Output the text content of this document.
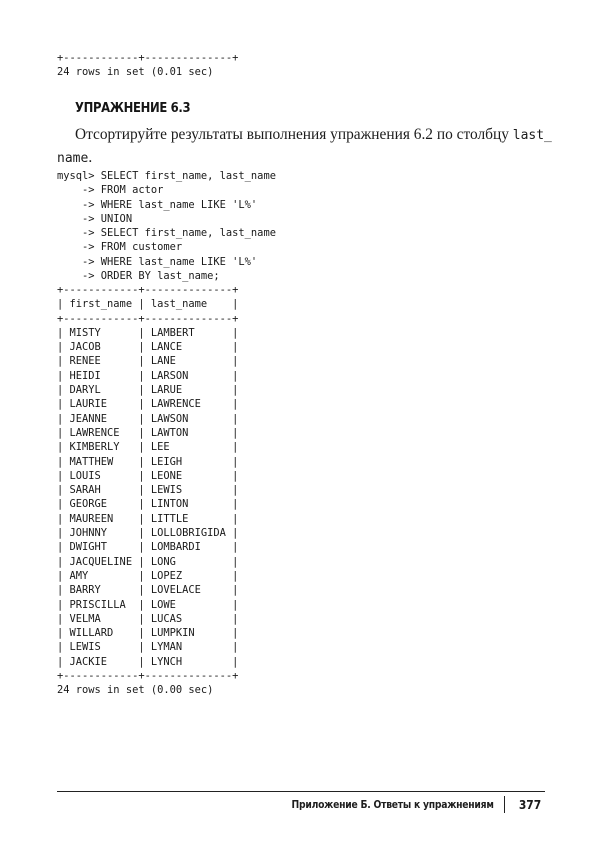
+------------+--------------+
24 rows in set (0.01 sec)
УПРАЖНЕНИЕ 6.3
Отсортируйте результаты выполнения упражнения 6.2 по столбцу last_
name.
mysql> SELECT first_name, last_name
-> FROM actor
-> WHERE last_name LIKE 'L%'
-> UNION
-> SELECT first_name, last_name
-> FROM customer
-> WHERE last_name LIKE 'L%'
-> ORDER BY last_name;
+------------+--------------+
| first_name | last_name    |
+------------+--------------+
| MISTY      | LAMBERT      |
| JACOB      | LANCE        |
| RENEE      | LANE         |
| HEIDI      | LARSON       |
| DARYL      | LARUE        |
| LAURIE     | LAWRENCE     |
| JEANNE     | LAWSON       |
| LAWRENCE   | LAWTON       |
| KIMBERLY   | LEE          |
| MATTHEW    | LEIGH        |
| LOUIS      | LEONE        |
| SARAH      | LEWIS        |
| GEORGE     | LINTON       |
| MAUREEN    | LITTLE       |
| JOHNNY     | LOLLOBRIGIDA |
| DWIGHT     | LOMBARDI     |
| JACQUELINE | LONG         |
| AMY        | LOPEZ        |
| BARRY      | LOVELACE     |
| PRISCILLA  | LOWE         |
| VELMA      | LUCAS        |
| WILLARD    | LUMPKIN      |
| LEWIS      | LYMAN        |
| JACKIE     | LYNCH        |
+------------+--------------+
24 rows in set (0.00 sec)
Приложение Б. Ответы к упражнениям 377
